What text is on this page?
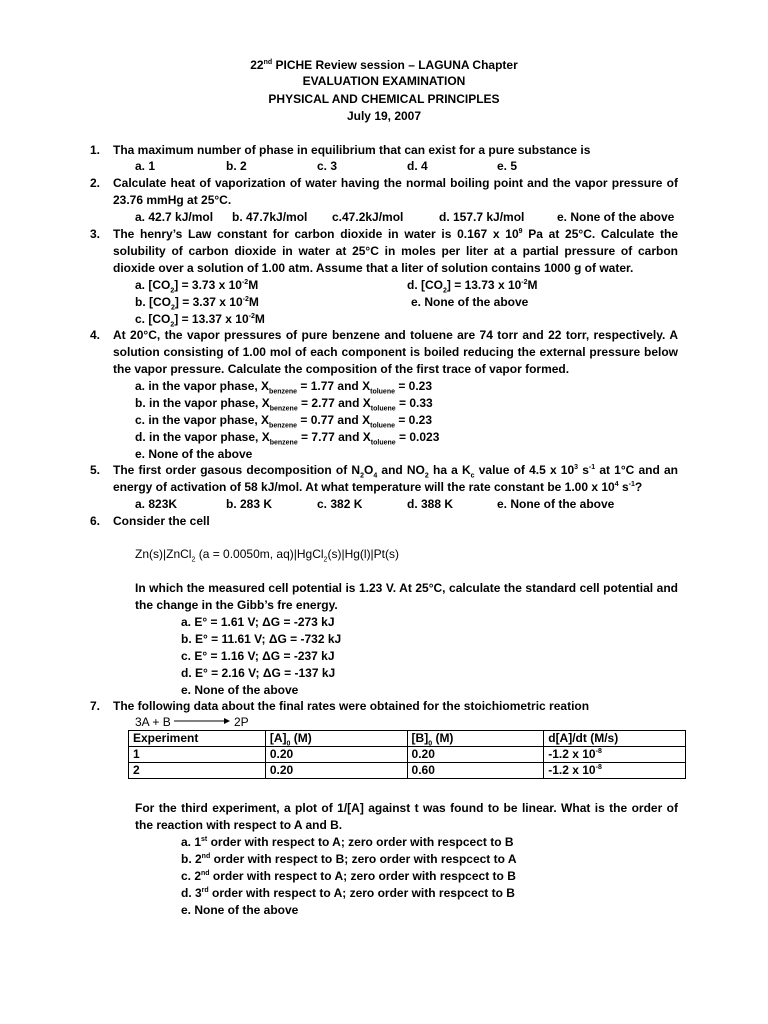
22nd PICHE Review session – LAGUNA Chapter
EVALUATION EXAMINATION
PHYSICAL AND CHEMICAL PRINCIPLES
July 19, 2007
1. Tha maximum number of phase in equilibrium that can exist for a pure substance is
a. 1	b. 2	c. 3	d. 4	e. 5
2. Calculate heat of vaporization of water having the normal boiling point and the vapor pressure of 23.76 mmHg at 25°C.
a. 42.7 kJ/mol b. 47.7kJ/mol c.47.2kJ/mol	d. 157.7 kJ/mol	e. None of the above
3. The henry’s Law constant for carbon dioxide in water is 0.167 x $10^9$ Pa at 25°C. Calculate the solubility of carbon dioxide in water at 25°C in moles per liter at a partial pressure of carbon dioxide over a solution of 1.00 atm. Assume that a liter of solution contains 1000 g of water.
a. $[CO_2] = 3.73$ x $10^{-2}M$	d. $[CO_2] = 13.73$ x $10^{-2}M$
b. $[CO_2] = 3.37$ x $10^{-2}M$	e. None of the above
c. $[CO_2] = 13.37$ x $10^{-2}M$
4. At 20°C, the vapor pressures of pure benzene and toluene are 74 torr and 22 torr, respectively. A solution consisting of 1.00 mol of each component is boiled reducing the external pressure below the vapor pressure. Calculate the composition of the first trace of vapor formed.
a. in the vapor phase, $X_{benzene} = 1.77$ and $X_{toluene} = 0.23$
b. in the vapor phase, $X_{benzene} = 2.77$ and $X_{toluene} = 0.33$
c. in the vapor phase, $X_{benzene} = 0.77$ and $X_{toluene} = 0.23$
d. in the vapor phase, $X_{benzene} = 7.77$ and $X_{toluene} = 0.023$
e. None of the above
5. The first order gasous decomposition of $N_2O_4$ and $NO_2$ ha a $K_c$ value of 4.5 x $10^3$ $s^{-1}$ at 1°C and an
energy of activation of 58 kJ/mol. At what temperature will the rate constant be 1.00 x $10^4$ $s^{-1}$?
a. 823K	b. 283 K	c. 382 K	d. 388 K	e. None of the above
6. Consider the cell
Zn(s)|ZnCl$_2$ (a = 0.0050m, aq)|HgCl$_2$(s)|Hg(l)|Pt(s)
In which the measured cell potential is 1.23 V. At 25°C, calculate the standard cell potential and the change in the Gibb’s fre energy.
a. E° = 1.61 V; ΔG = -273 kJ
b. E° = 11.61 V; ΔG = -732 kJ
c. E° = 1.16 V; ΔG = -237 kJ
d. E° = 2.16 V; ΔG = -137 kJ
e. None of the above
7. The following data about the final rates were obtained for the stoichiometric reation
3A + B	2P
Experiment	$[A]_0$ (M)	$[B]_0$ (M)	d[A]/dt (M/s)
1	0.20	0.20	-1.2 x $10^{-8}$
2	0.20	0.60	-1.2 x $10^{-8}$
For the third experiment, a plot of 1/[A] against t was found to be linear. What is the order of the reaction with respect to A and B.
a. 1st order with respect to A; zero order with respcect to B
b. 2nd order with respect to B; zero order with respcect to A
c. 2nd order with respect to A; zero order with respcect to B
d. 3rd order with respect to A; zero order with respcect to B
e. None of the above
